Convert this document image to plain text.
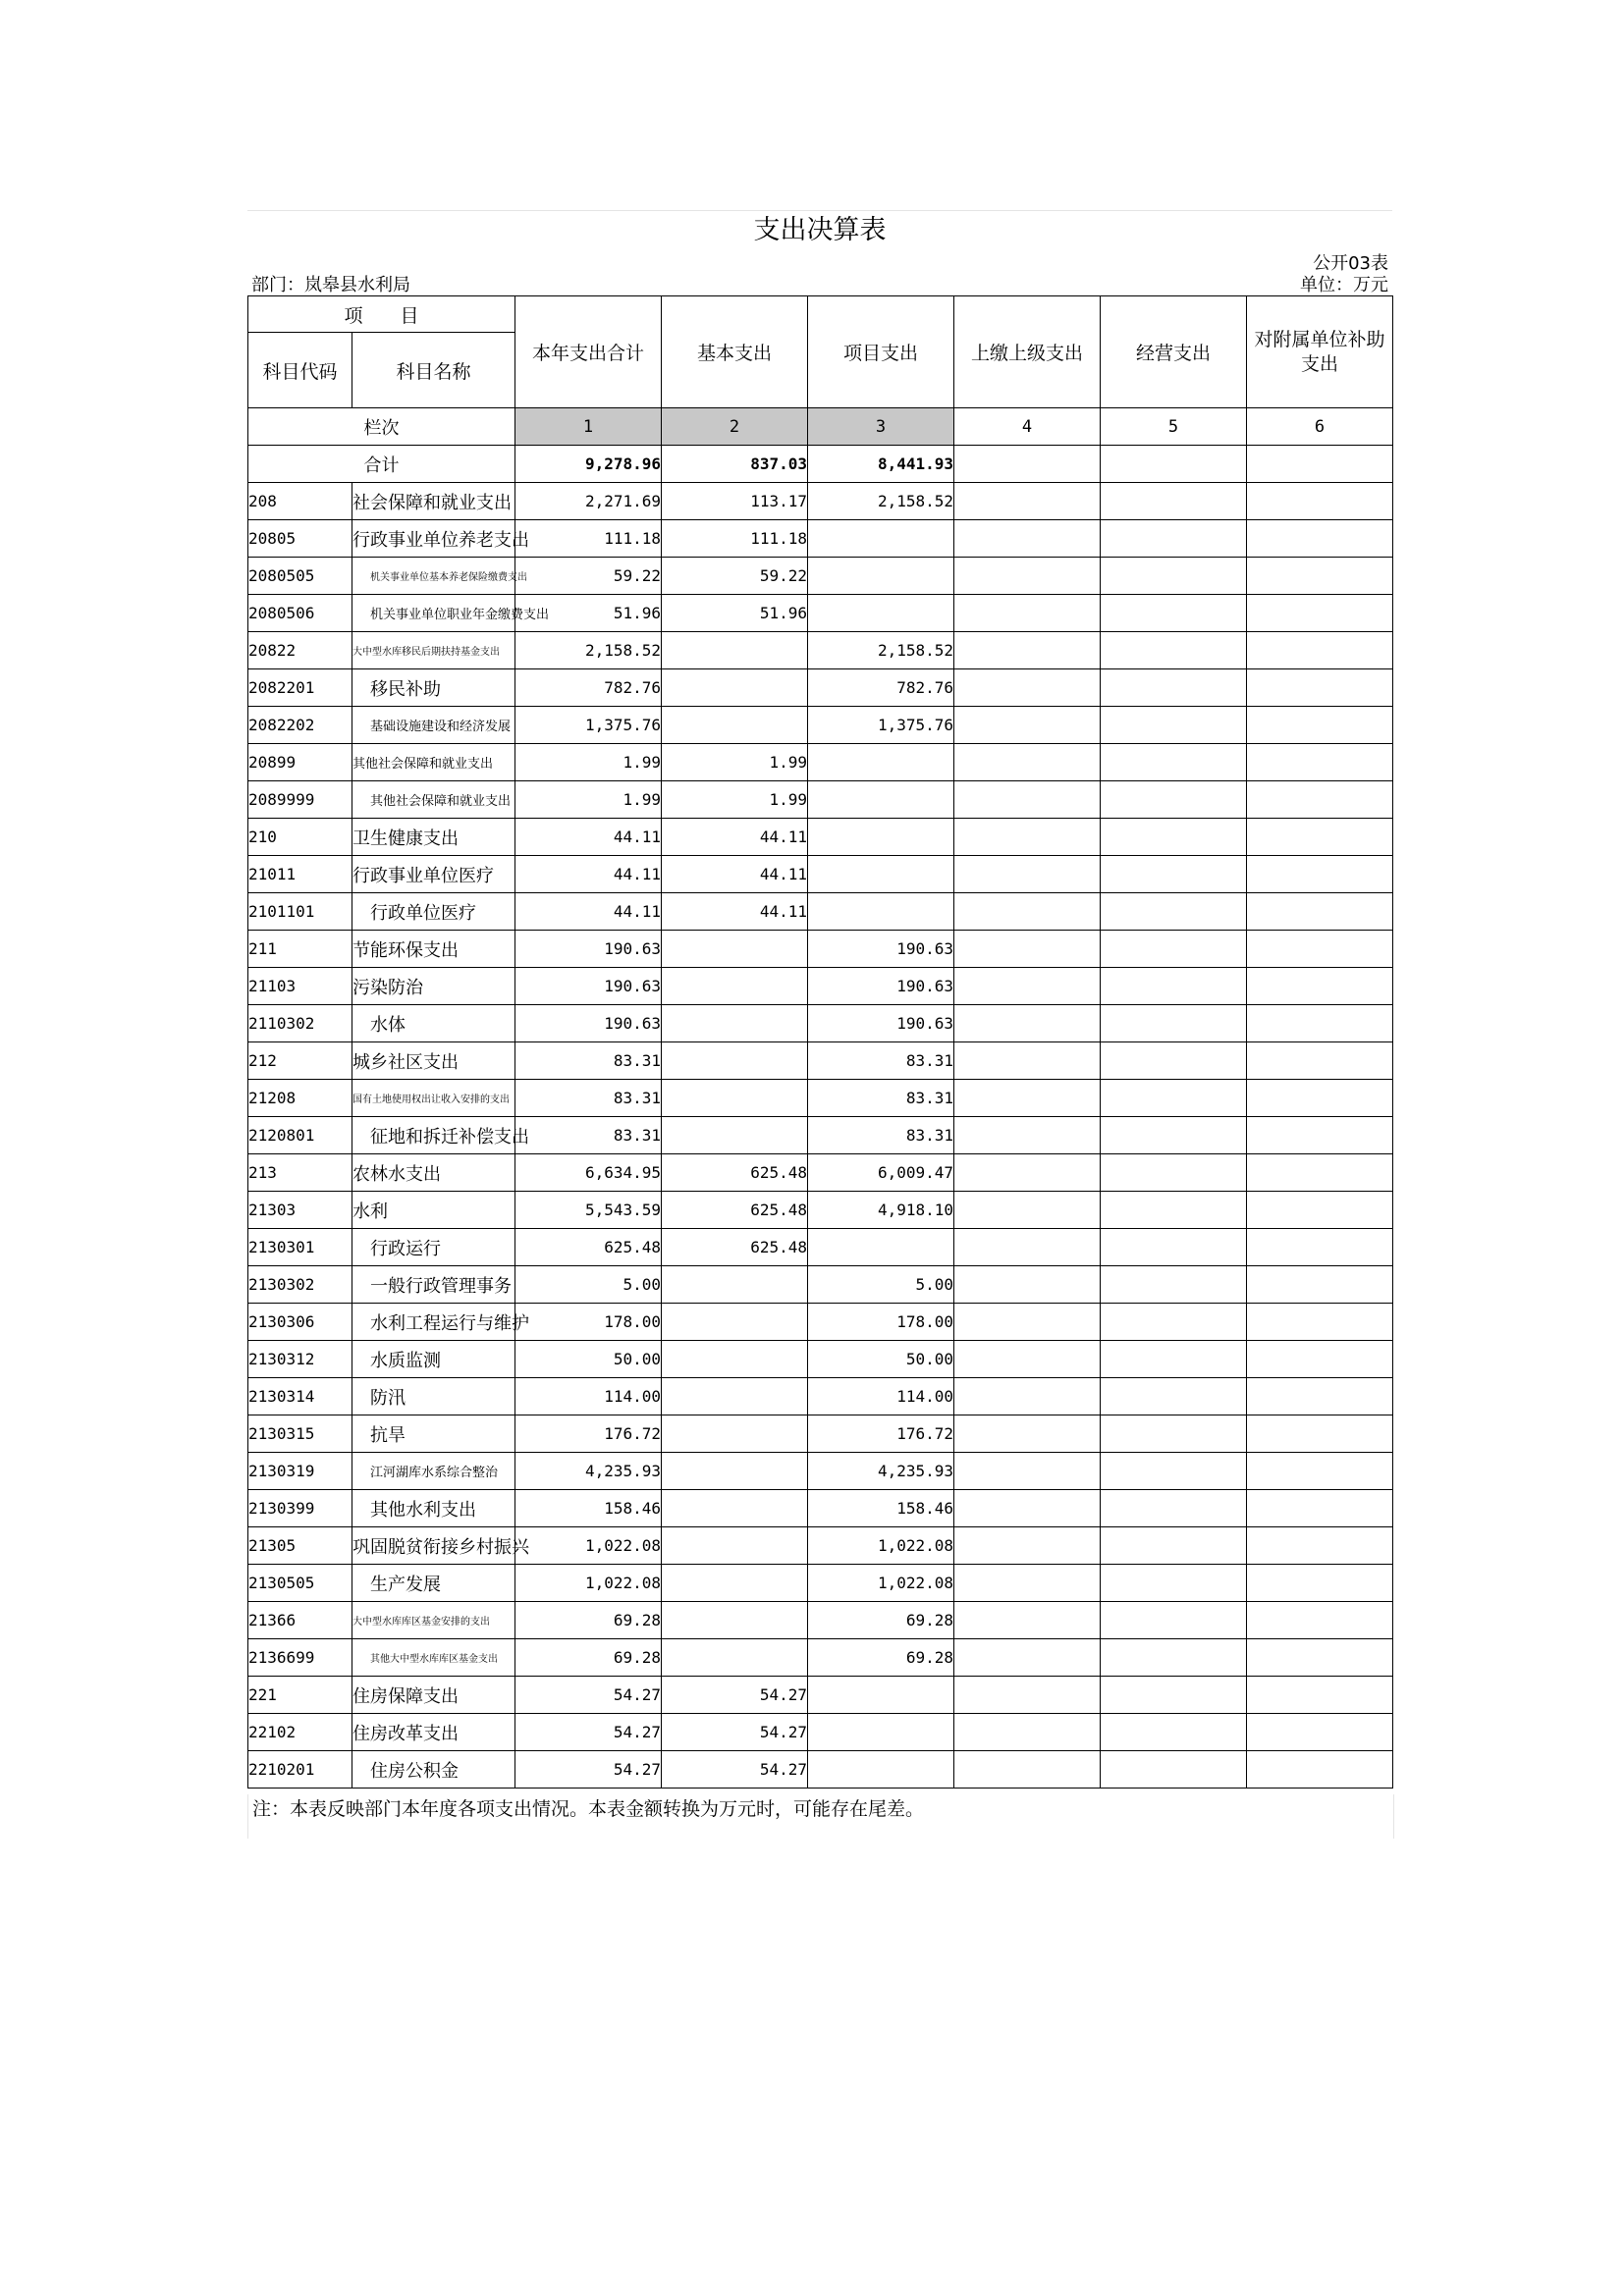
支出决算表
公开03表
部门：岚皋县水利局	单位：万元
项　　目		本年支出合计	基本支出	项目支出	上缴上级支出	经营支出	对附属单位补助支出
科目代码	科目名称						
栏次		1	2	3	4	5	6
合计		9,278.96	837.03	8,441.93			
208	社会保障和就业支出	2,271.69	113.17	2,158.52			
20805	行政事业单位养老支出	111.18	111.18				
2080505	机关事业单位基本养老保险缴费支出	59.22	59.22				
2080506	机关事业单位职业年金缴费支出	51.96	51.96				
20822	大中型水库移民后期扶持基金支出	2,158.52		2,158.52			
2082201	移民补助	782.76		782.76			
2082202	基础设施建设和经济发展	1,375.76		1,375.76			
20899	其他社会保障和就业支出	1.99	1.99				
2089999	其他社会保障和就业支出	1.99	1.99				
210	卫生健康支出	44.11	44.11				
21011	行政事业单位医疗	44.11	44.11				
2101101	行政单位医疗	44.11	44.11				
211	节能环保支出	190.63		190.63			
21103	污染防治	190.63		190.63			
2110302	水体	190.63		190.63			
212	城乡社区支出	83.31		83.31			
21208	国有土地使用权出让收入安排的支出	83.31		83.31			
2120801	征地和拆迁补偿支出	83.31		83.31			
213	农林水支出	6,634.95	625.48	6,009.47			
21303	水利	5,543.59	625.48	4,918.10			
2130301	行政运行	625.48	625.48				
2130302	一般行政管理事务	5.00		5.00			
2130306	水利工程运行与维护	178.00		178.00			
2130312	水质监测	50.00		50.00			
2130314	防汛	114.00		114.00			
2130315	抗旱	176.72		176.72			
2130319	江河湖库水系综合整治	4,235.93		4,235.93			
2130399	其他水利支出	158.46		158.46			
21305	巩固脱贫衔接乡村振兴	1,022.08		1,022.08			
2130505	生产发展	1,022.08		1,022.08			
21366	大中型水库库区基金安排的支出	69.28		69.28			
2136699	其他大中型水库库区基金支出	69.28		69.28			
221	住房保障支出	54.27	54.27				
22102	住房改革支出	54.27	54.27				
2210201	住房公积金	54.27	54.27				
注：本表反映部门本年度各项支出情况。本表金额转换为万元时，可能存在尾差。
